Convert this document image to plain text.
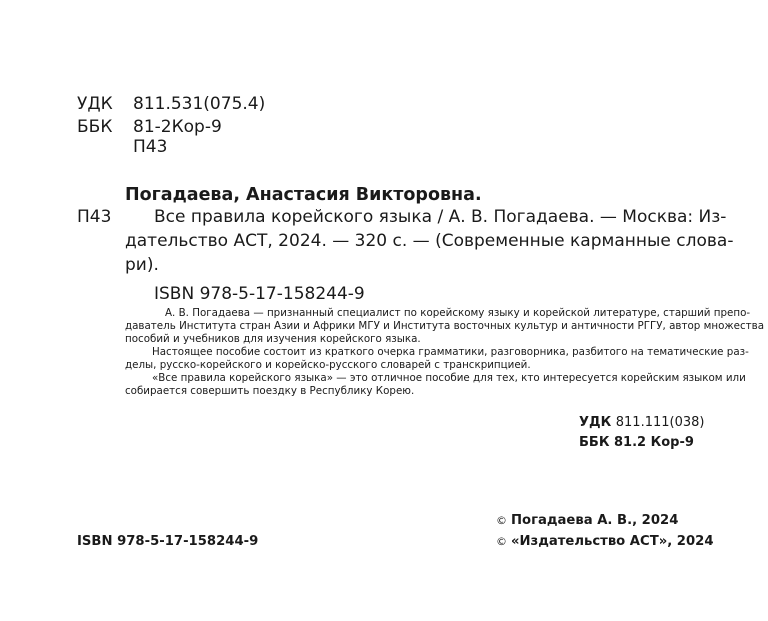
УДК 811.531(075.4)
ББК 81-2Кор-9
П43
Погадаева, Анастасия Викторовна.
П43	Все правила корейского языка / А. В. Погадаева. — Москва: Из-
дательство АСТ, 2024. — 320 с. — (Современные карманные слова-
ри).
ISBN 978-5-17-158244-9
А. В. Погадаева — признанный специалист по корейскому языку и корейской литературе, старший препо-
даватель Института стран Азии и Африки МГУ и Института восточных культур и античности РГГУ, автор множества
пособий и учебников для изучения корейского языка.
Настоящее пособие состоит из краткого очерка грамматики, разговорника, разбитого на тематические раз-
делы, русско-корейского и корейско-русского словарей с транскрипцией.
«Все правила корейского языка» — это отличное пособие для тех, кто интересуется корейским языком или
собирается совершить поездку в Республику Корею.
УДК 811.111(038)
ББК 81.2 Кор-9
© Погадаева А. В., 2024
© «Издательство АСТ», 2024
ISBN 978-5-17-158244-9
